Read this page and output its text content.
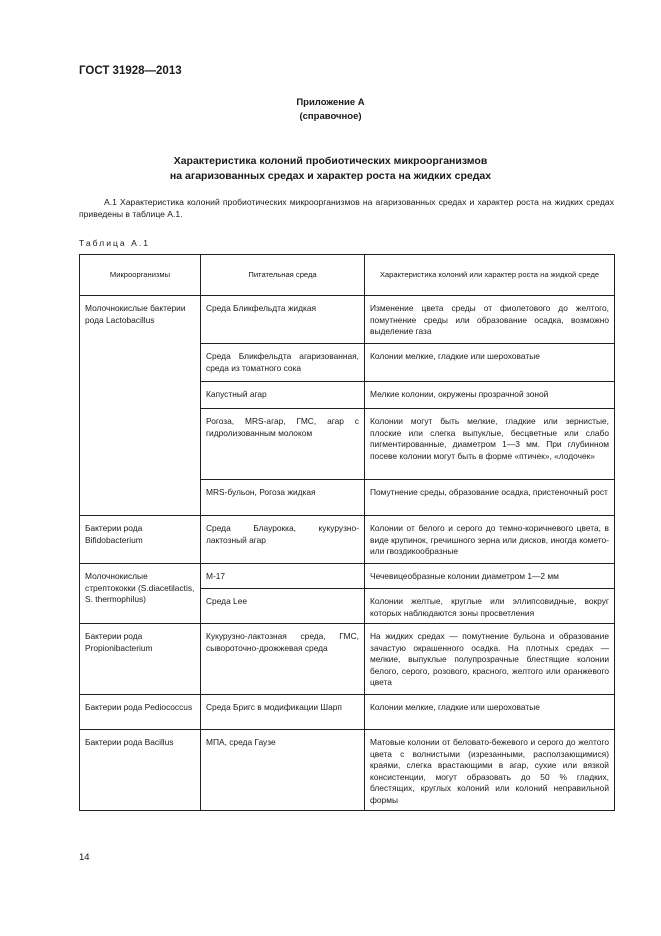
ГОСТ 31928—2013
Приложение А
(справочное)
Характеристика колоний пробиотических микроорганизмов
на агаризованных средах и характер роста на жидких средах
А.1 Характеристика колоний пробиотических микроорганизмов на агаризованных средах и характер роста на жидких средах приведены в таблице А.1.
Таблица А.1
Микроорганизмы	Питательная среда	Характеристика колоний или характер роста на жидкой среде
Молочнокислые бактерии рода Lactobacillus	Среда Бликфельдта жидкая	Изменение цвета среды от фиолетового до желтого, помутнение среды или образование осадка, возможно выделение газа
	Среда Бликфельдта агаризованная, среда из томатного сока	Колонии мелкие, гладкие или шероховатые
	Капустный агар	Мелкие колонии, окружены прозрачной зоной
	Рогоза, MRS-агар, ГМС, агар с гидролизованным молоком	Колонии могут быть мелкие, гладкие или зернистые, плоские или слегка выпуклые, бесцветные или слабо пигментированные, диаметром 1—3 мм. При глубинном посеве колонии могут быть в форме «птичек», «лодочек»
	MRS-бульон, Рогоза жидкая	Помутнение среды, образование осадка, пристеночный рост
Бактерии рода Bifidobacterium	Среда Блаурокка, кукурузно-лактозный агар	Колонии от белого и серого до темно-коричневого цвета, в виде крупинок, гречишного зерна или дисков, иногда комето- или гвоздикообразные
Молочнокислые стрептококки (S.diacetilactis, S. thermophilus)	М-17	Чечевицеобразные колонии диаметром 1—2 мм
	Среда Lee	Колонии желтые, круглые или эллипсовидные, вокруг которых наблюдаются зоны просветления
Бактерии рода Propionibacterium	Кукурузно-лактозная среда, ГМС, сывороточно-дрожжевая среда	На жидких средах — помутнение бульона и образование зачастую окрашенного осадка. На плотных средах — мелкие, выпуклые полупрозрачные блестящие колонии белого, серого, розового, красного, желтого или оранжевого цвета
Бактерии рода Pediococcus	Среда Бригс в модификации Шарп	Колонии мелкие, гладкие или шероховатые
Бактерии рода Bacillus	МПА, среда Гаузе	Матовые колонии от беловато-бежевого и серого до желтого цвета с волнистыми (изрезанными, расползающимися) краями, слегка врастающими в агар, сухие или вязкой консистенции, могут образовать до 50 % гладких, блестящих, круглых колоний или колоний неправильной формы
14
